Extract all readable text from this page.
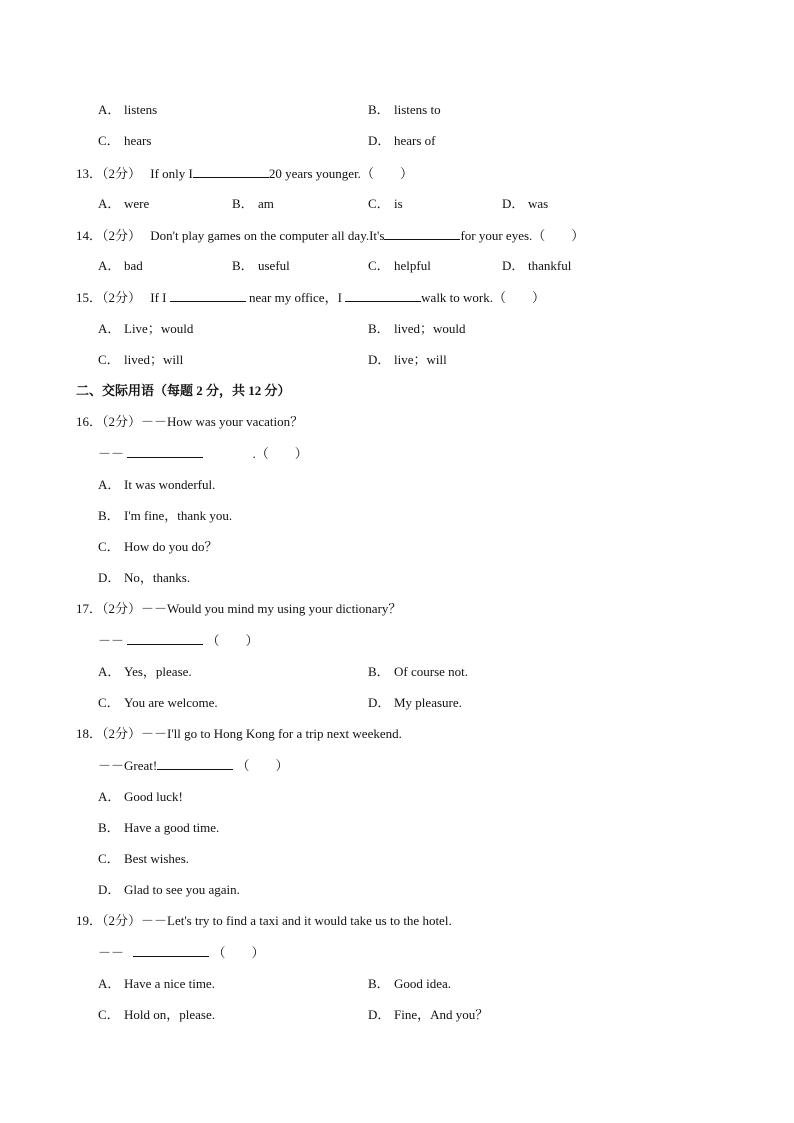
A． listens	B． listens to
C． hears	D． hears of
13．（2分） If only I	20 years younger.（　　）
A． were	B． am	C． is	D． was
14．（2分） Don't play games on the computer all day.It's	for your eyes.（　　）
A． bad	B． useful	C． helpful	D． thankful
15．（2分） If I	near my office，I	walk to work.（　　）
A． Live；would	B． lived；would
C． lived；will	D． live；will
二、交际用语（每题 2 分，共 12 分）
16．（2分）－－How was your vacation？
－－	.（　　）
A． It was wonderful.
B． I'm fine，thank you.
C． How do you do？
D． No，thanks.
17．（2分）－－Would you mind my using your dictionary？
－－	（　　）
A． Yes，please.	B． Of course not.
C． You are welcome.	D． My pleasure.
18．（2分）－－I'll go to Hong Kong for a trip next weekend.
－－Great!	（　　）
A． Good luck!
B． Have a good time.
C． Best wishes.
D． Glad to see you again.
19．（2分）－－Let's try to find a taxi and it would take us to the hotel.
－－	（　　）
A． Have a nice time.	B． Good idea.
C． Hold on，please.	D． Fine，And you？
